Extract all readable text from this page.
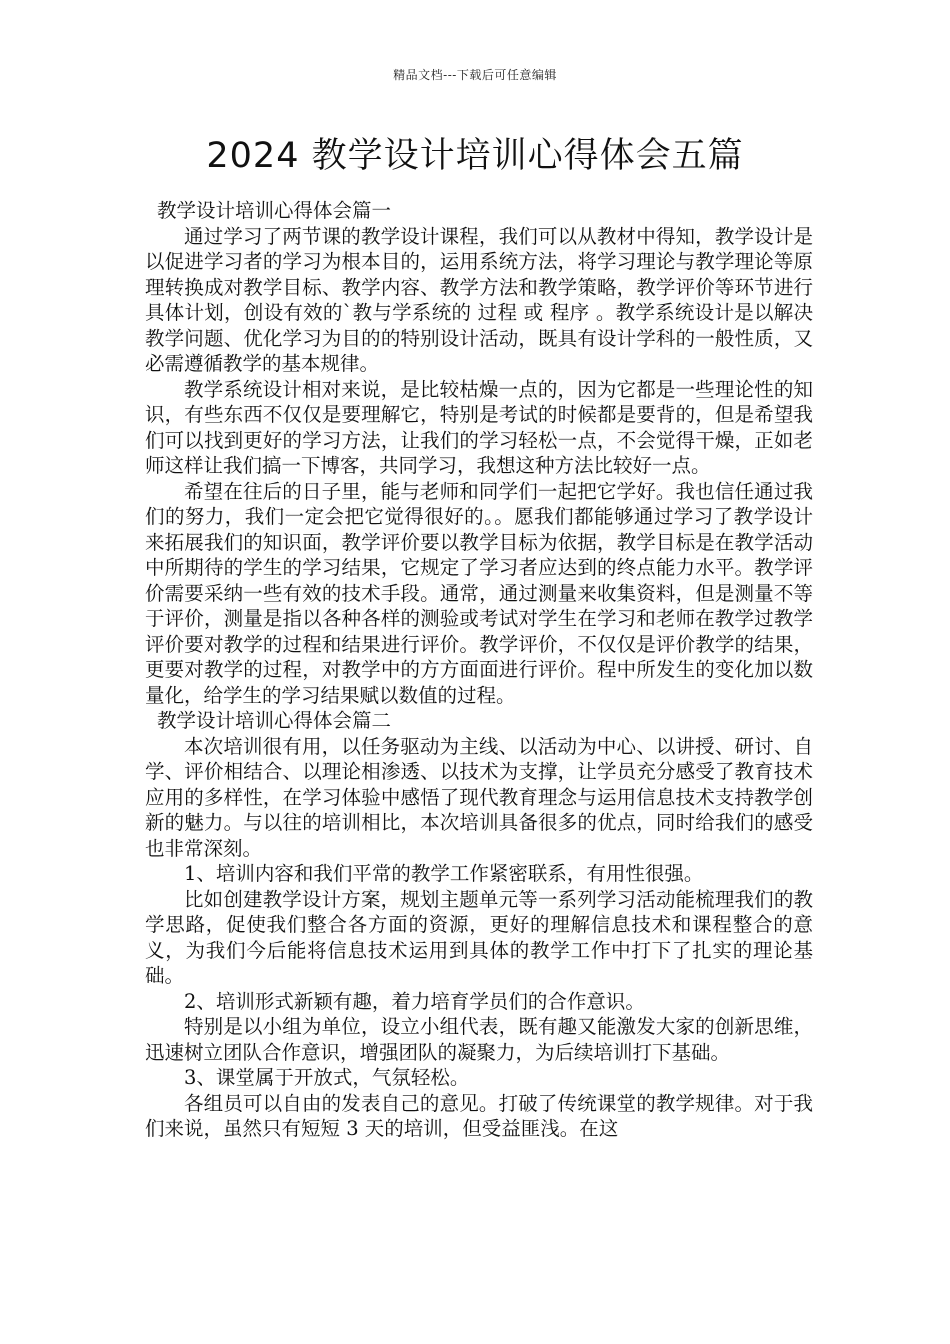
精品文档---下载后可任意编辑
2024 教学设计培训心得体会五篇
教学设计培训心得体会篇一

通过学习了两节课的教学设计课程，我们可以从教材中得知，教学设计是以促进学习者的学习为根本目的，运用系统方法，将学习理论与教学理论等原理转换成对教学目标、教学内容、教学方法和教学策略，教学评价等环节进行具体计划，创设有效的`教与学系统的 过程 或 程序 。教学系统设计是以解决教学问题、优化学习为目的的特别设计活动，既具有设计学科的一般性质，又必需遵循教学的基本规律。

教学系统设计相对来说，是比较枯燥一点的，因为它都是一些理论性的知识，有些东西不仅仅是要理解它，特别是考试的时候都是要背的，但是希望我们可以找到更好的学习方法，让我们的学习轻松一点，不会觉得干燥，正如老师这样让我们搞一下博客，共同学习，我想这种方法比较好一点。

希望在往后的日子里，能与老师和同学们一起把它学好。我也信任通过我们的努力，我们一定会把它觉得很好的。。愿我们都能够通过学习了教学设计来拓展我们的知识面，教学评价要以教学目标为依据，教学目标是在教学活动中所期待的学生的学习结果，它规定了学习者应达到的终点能力水平。教学评价需要采纳一些有效的技术手段。通常，通过测量来收集资料，但是测量不等于评价，测量是指以各种各样的测验或考试对学生在学习和老师在教学过教学评价要对教学的过程和结果进行评价。教学评价，不仅仅是评价教学的结果，更要对教学的过程，对教学中的方方面面进行评价。程中所发生的变化加以数量化，给学生的学习结果赋以数值的过程。

教学设计培训心得体会篇二

本次培训很有用，以任务驱动为主线、以活动为中心、以讲授、研讨、自学、评价相结合、以理论相渗透、以技术为支撑，让学员充分感受了教育技术应用的多样性，在学习体验中感悟了现代教育理念与运用信息技术支持教学创新的魅力。与以往的培训相比，本次培训具备很多的优点，同时给我们的感受也非常深刻。

1、培训内容和我们平常的教学工作紧密联系，有用性很强。

比如创建教学设计方案，规划主题单元等一系列学习活动能梳理我们的教学思路，促使我们整合各方面的资源，更好的理解信息技术和课程整合的意义，为我们今后能将信息技术运用到具体的教学工作中打下了扎实的理论基础。

2、培训形式新颖有趣，着力培育学员们的合作意识。

特别是以小组为单位，设立小组代表，既有趣又能激发大家的创新思维，迅速树立团队合作意识，增强团队的凝聚力，为后续培训打下基础。

3、课堂属于开放式，气氛轻松。

各组员可以自由的发表自己的意见。打破了传统课堂的教学规律。对于我们来说，虽然只有短短 3 天的培训，但受益匪浅。在这
